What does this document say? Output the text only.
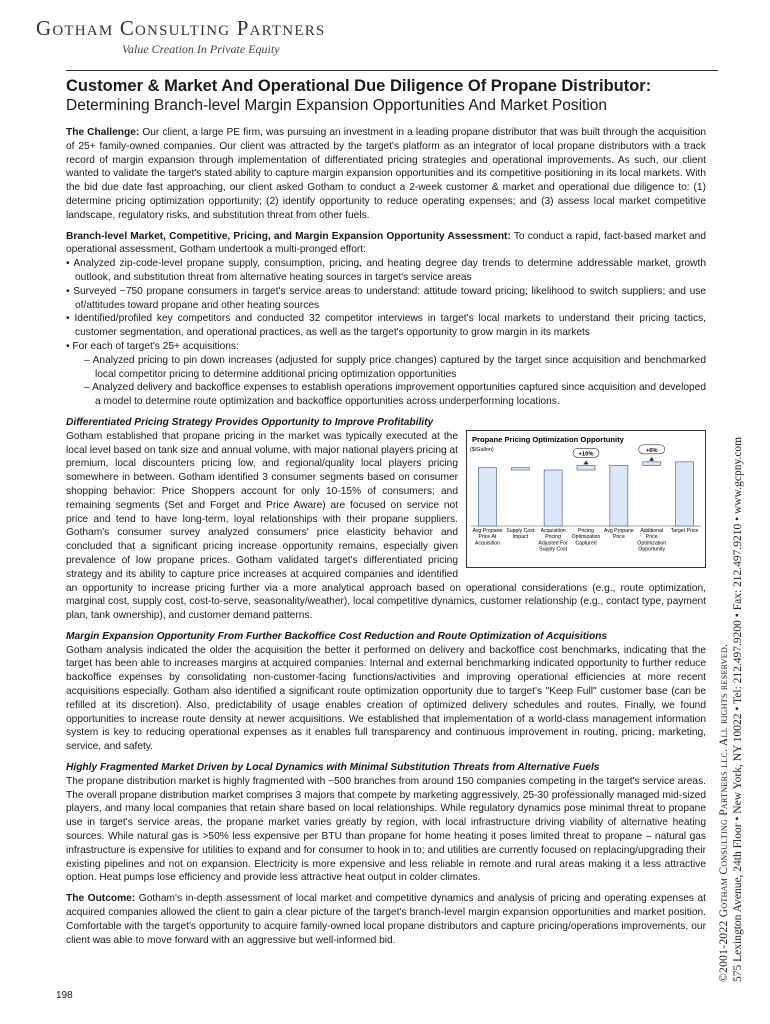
Gotham Consulting Partners
Value Creation In Private Equity
Customer & Market And Operational Due Diligence Of Propane Distributor:
Determining Branch-level Margin Expansion Opportunities And Market Position

The Challenge: Our client, a large PE firm, was pursuing an investment in a leading propane distributor that was built through the acquisition of 25+ family-owned companies. Our client was attracted by the target's platform as an integrator of local propane distributors with a track record of margin expansion through implementation of differentiated pricing strategies and operational improvements. As such, our client wanted to validate the target's stated ability to capture margin expansion opportunities and its competitive positioning in its local markets. With the bid due date fast approaching, our client asked Gotham to conduct a 2-week customer & market and operational due diligence to: (1) determine pricing optimization opportunity; (2) identify opportunity to reduce operating expenses; and (3) assess local market competitive landscape, regulatory risks, and substitution threat from other fuels.

Branch-level Market, Competitive, Pricing, and Margin Expansion Opportunity Assessment: To conduct a rapid, fact-based market and operational assessment, Gotham undertook a multi-pronged effort:

• Analyzed zip-code-level propane supply, consumption, pricing, and heating degree day trends to determine addressable market, growth outlook, and substitution threat from alternative heating sources in target's service areas
• Surveyed ~750 propane consumers in target's service areas to understand: attitude toward pricing; likelihood to switch suppliers; and use of/attitudes toward propane and other heating sources
• Identified/profiled key competitors and conducted 32 competitor interviews in target's local markets to understand their pricing tactics, customer segmentation, and operational practices, as well as the target's opportunity to grow margin in its markets
• For each of target's 25+ acquisitions:
– Analyzed pricing to pin down increases (adjusted for supply price changes) captured by the target since acquisition and benchmarked local competitor pricing to determine additional pricing optimization opportunities
– Analyzed delivery and backoffice expenses to establish operations improvement opportunities captured since acquisition and developed a model to determine route optimization and backoffice opportunities across underperforming locations.

Differentiated Pricing Strategy Provides Opportunity to Improve Profitability

Propane Pricing Optimization Opportunity
($/Gallon)
Avg Propane
Price At
Acquisition
Supply Cost
Impact
Acquisition
Pricing
Adjusted For
Supply Cost
Pricing
Optimization
Captured
Avg Propane
Price
Additional
Price
Optimization
Opportunity
Target Price
+10%
+6%

Gotham established that propane pricing in the market was typically executed at the local level based on tank size and annual volume, with major national players pricing at premium, local discounters pricing low, and regional/quality local players pricing somewhere in between. Gotham identified 3 consumer segments based on consumer shopping behavior: Price Shoppers account for only 10-15% of consumers; and remaining segments (Set and Forget and Price Aware) are focused on service not price and tend to have long-term, loyal relationships with their propane suppliers. Gotham's consumer survey analyzed consumers' price elasticity behavior and concluded that a significant pricing increase opportunity remains, especially given prevalence of low propane prices. Gotham validated target's differentiated pricing strategy and its ability to capture price increases at acquired companies and identified an opportunity to increase pricing further via a more analytical approach based on operational considerations (e.g., route optimization, marginal cost, supply cost, cost-to-serve, seasonality/weather), local competitive dynamics, customer relationship (e.g., contact type, payment plan, tank ownership), and customer demand patterns.

Margin Expansion Opportunity From Further Backoffice Cost Reduction and Route Optimization of Acquisitions

Gotham analysis indicated the older the acquisition the better it performed on delivery and backoffice cost benchmarks, indicating that the target has been able to increases margins at acquired companies. Internal and external benchmarking indicated opportunity to further reduce backoffice expenses by consolidating non-customer-facing functions/activities and improving operational efficiencies at more recent acquisitions especially. Gotham also identified a significant route optimization opportunity due to target's "Keep Full" customer base (can be refilled at its discretion). Also, predictability of usage enables creation of optimized delivery schedules and routes. Finally, we found opportunities to increase route density at newer acquisitions. We established that implementation of a world-class management information system is key to reducing operational expenses as it enables full transparency and continuous improvement in routing, pricing, marketing, service, and safety.

Highly Fragmented Market Driven by Local Dynamics with Minimal Substitution Threats from Alternative Fuels

The propane distribution market is highly fragmented with ~500 branches from around 150 companies competing in the target's service areas. The overall propane distribution market comprises 3 majors that compete by marketing aggressively, 25-30 professionally managed mid-sized players, and many local companies that retain share based on local relationships. While regulatory dynamics pose minimal threat to propane use in target's service areas, the propane market varies greatly by region, with local infrastructure driving viability of alternative heating sources. While natural gas is >50% less expensive per BTU than propane for home heating it poses limited threat to propane – natural gas infrastructure is expensive for utilities to expand and for consumer to hook in to; and utilities are currently focused on replacing/upgrading their existing pipelines and not on expansion. Electricity is more expensive and less reliable in remote and rural areas making it a less attractive option. Heat pumps lose efficiency and provide less attractive heat output in colder climates.

The Outcome: Gotham's in-depth assessment of local market and competitive dynamics and analysis of pricing and operating expenses at acquired companies allowed the client to gain a clear picture of the target's branch-level margin expansion opportunities and market position. Comfortable with the target's opportunity to acquire family-owned local propane distributors and capture pricing/operations improvements, our client was able to move forward with an aggressive but well-informed bid.

198
©2001-2022 Gotham Consulting Partners llc. All rights reserved. 575 Lexington Avenue, 24th Floor • New York, NY 10022 • Tel: 212.497.9200 • Fax: 212.497.9210 • www.gcpny.com
